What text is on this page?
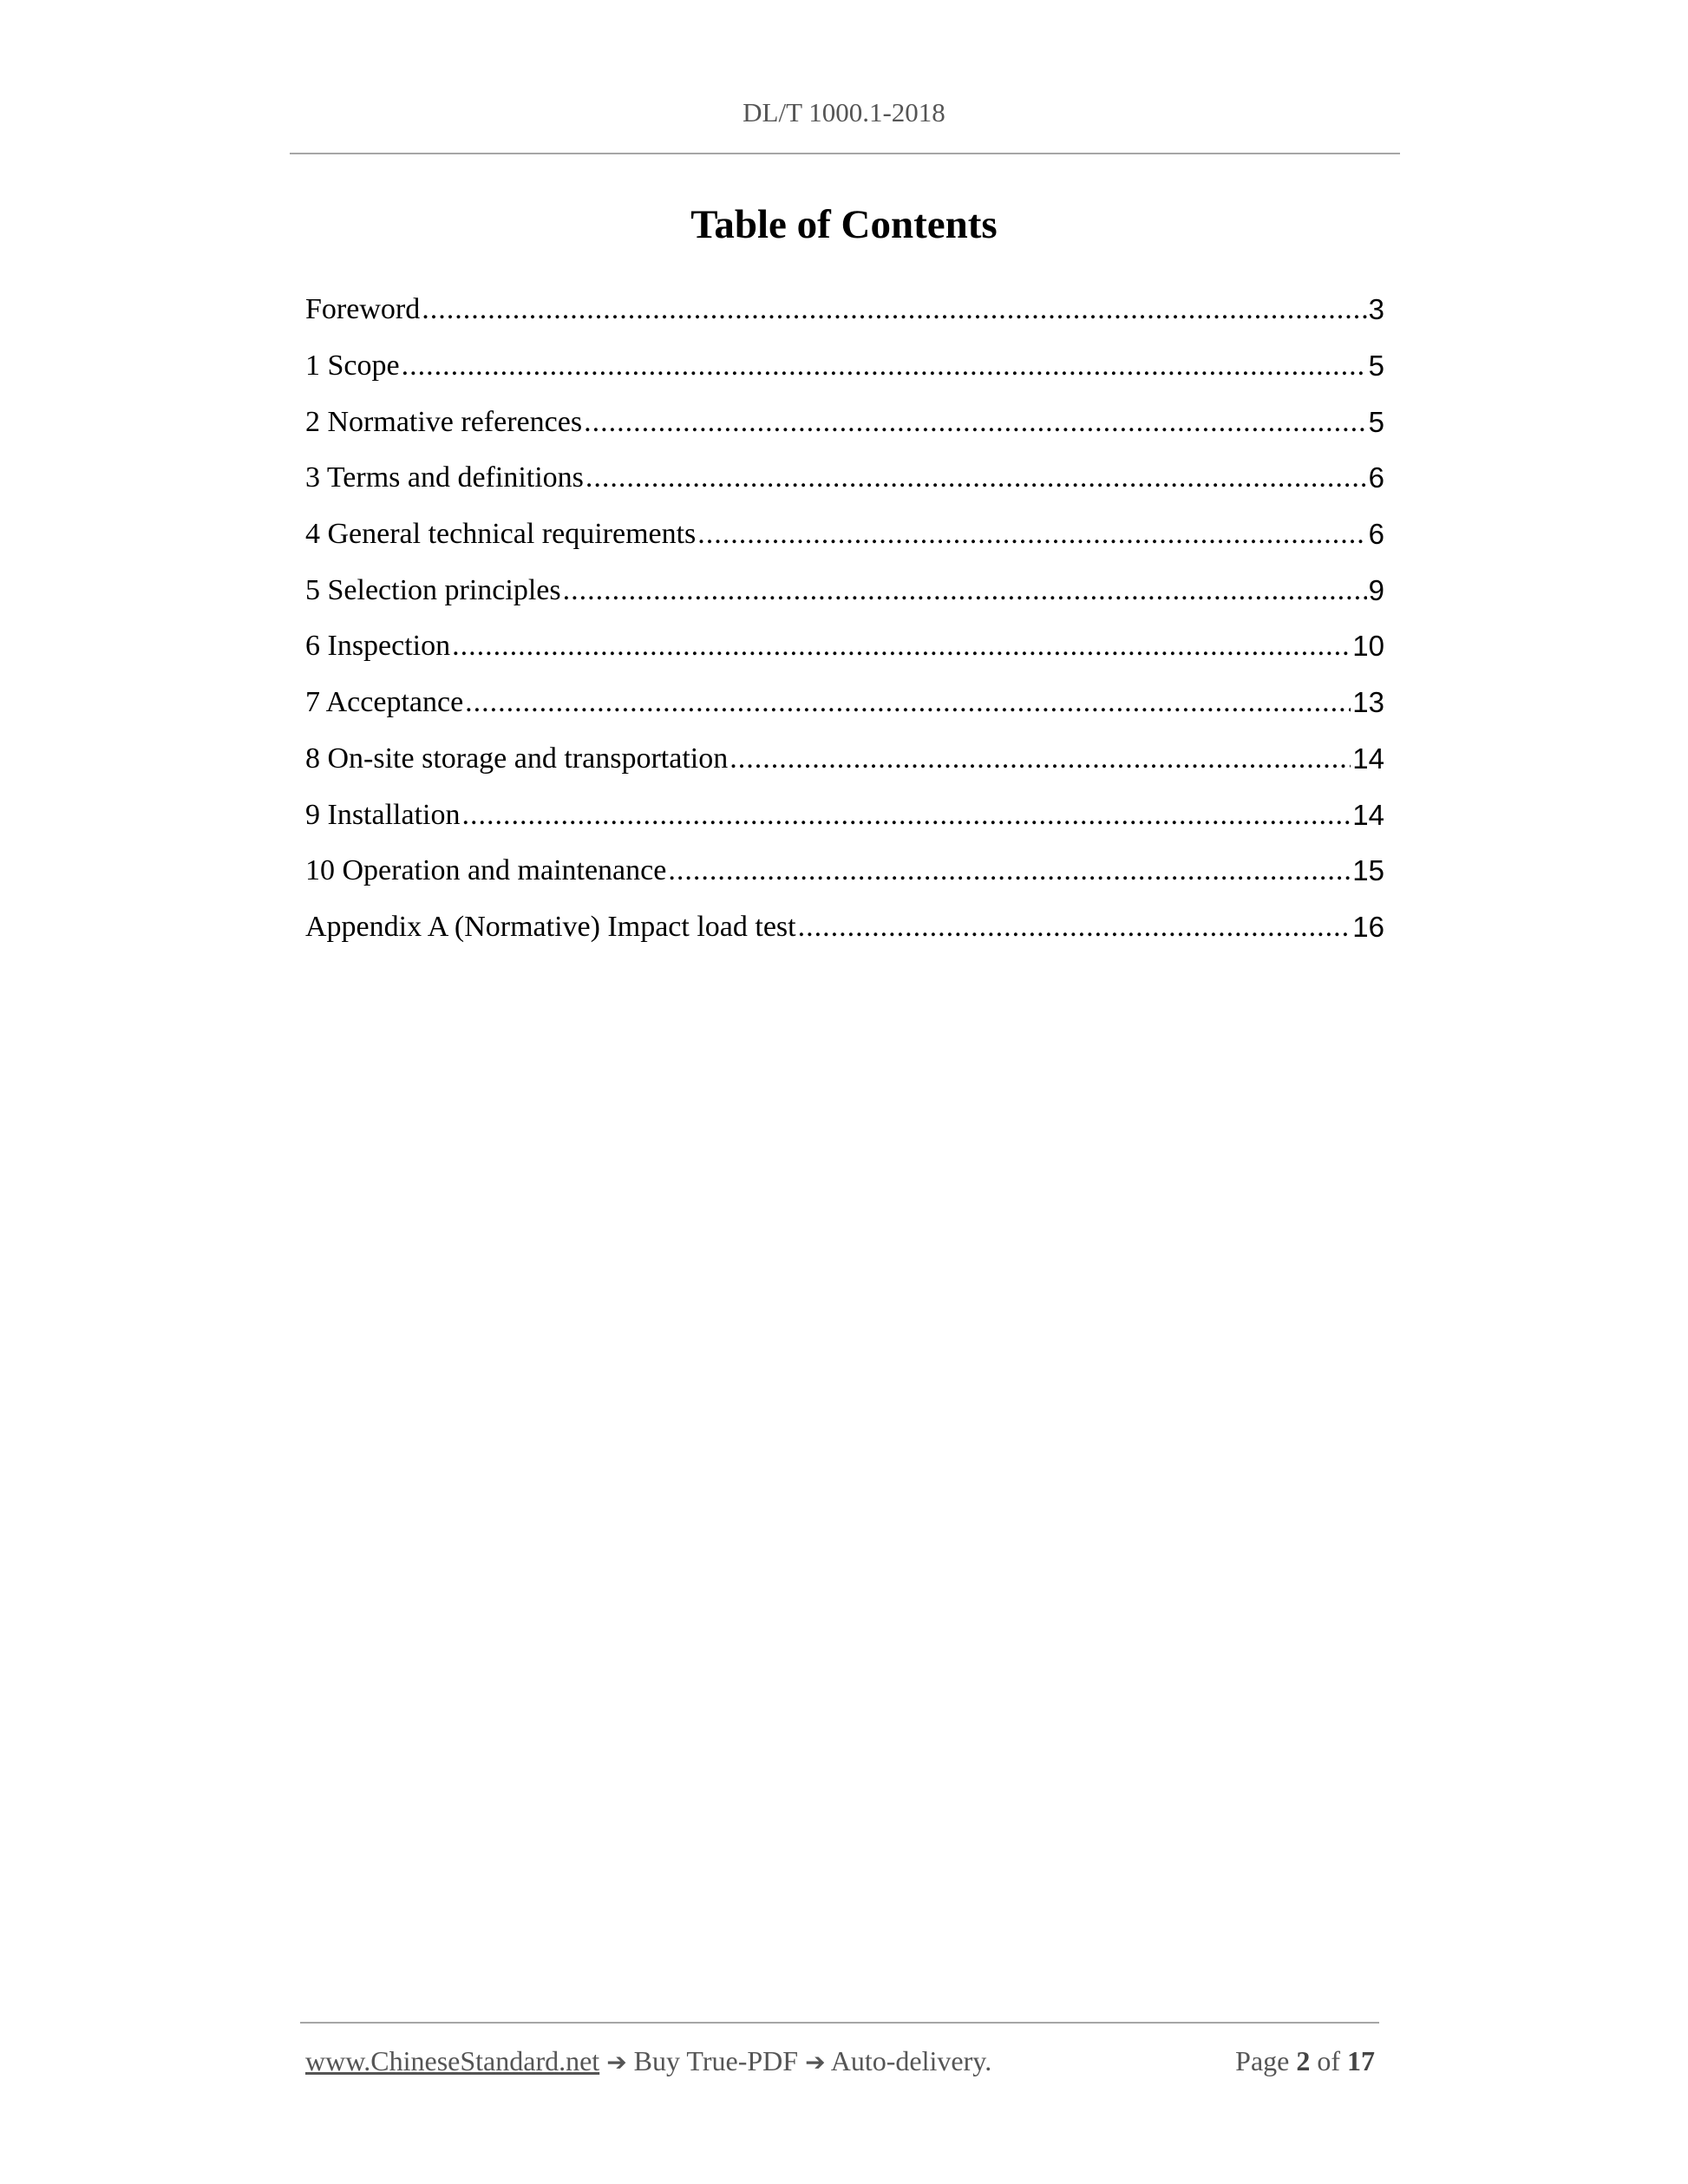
DL/T 1000.1-2018
Table of Contents
Foreword .....	3
1 Scope .....	5
2 Normative references .....	5
3 Terms and definitions .....	6
4 General technical requirements .....	6
5 Selection principles .....	9
6 Inspection .....	10
7 Acceptance .....	13
8 On-site storage and transportation .....	14
9 Installation .....	14
10 Operation and maintenance .....	15
Appendix A (Normative) Impact load test .....	16
www.ChineseStandard.net ➔ Buy True-PDF ➔ Auto-delivery.	Page 2 of 17
